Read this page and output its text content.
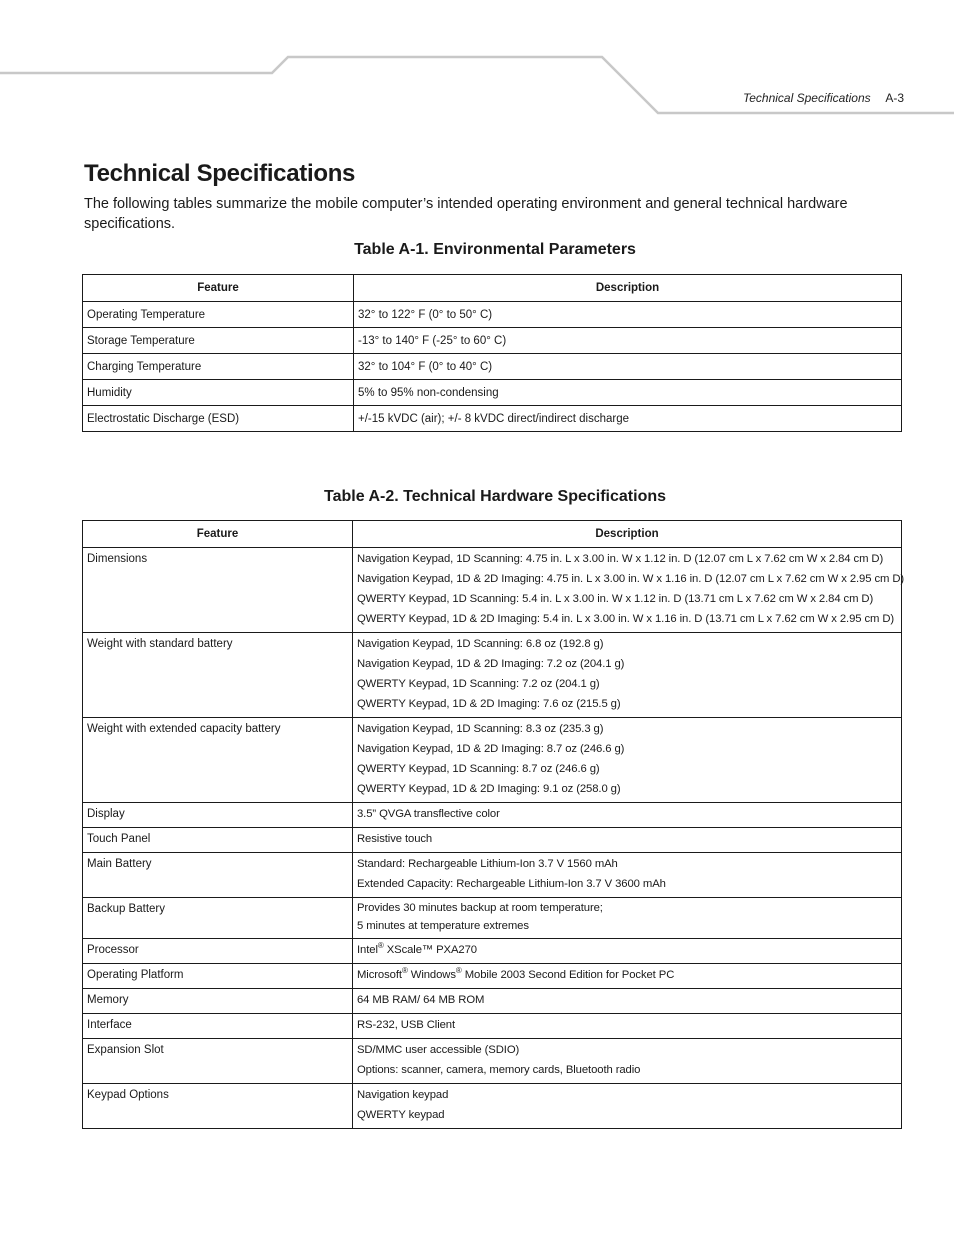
Technical Specifications A-3
Technical Specifications

The following tables summarize the mobile computer’s intended operating environment and general technical hardware specifications.

Table A-1. Environmental Parameters
Feature	Description
Operating Temperature	32° to 122° F (0° to 50° C)
Storage Temperature	-13° to 140° F (-25° to 60° C)
Charging Temperature	32° to 104° F (0° to 40° C)
Humidity	5% to 95% non-condensing
Electrostatic Discharge (ESD)	+/-15 kVDC (air); +/- 8 kVDC direct/indirect discharge
Table A-2. Technical Hardware Specifications
Feature	Description
Dimensions	Navigation Keypad, 1D Scanning: 4.75 in. L x 3.00 in. W x 1.12 in. D (12.07 cm L x 7.62 cm W x 2.84 cm D)
Navigation Keypad, 1D & 2D Imaging: 4.75 in. L x 3.00 in. W x 1.16 in. D (12.07 cm L x 7.62 cm W x 2.95 cm D)
QWERTY Keypad, 1D Scanning: 5.4 in. L x 3.00 in. W x 1.12 in. D (13.71 cm L x 7.62 cm W x 2.84 cm D)
QWERTY Keypad, 1D & 2D Imaging: 5.4 in. L x 3.00 in. W x 1.16 in. D (13.71 cm L x 7.62 cm W x 2.95 cm D)

Weight with standard battery	Navigation Keypad, 1D Scanning: 6.8 oz (192.8 g)
Navigation Keypad, 1D & 2D Imaging: 7.2 oz (204.1 g)
QWERTY Keypad, 1D Scanning: 7.2 oz (204.1 g)
QWERTY Keypad, 1D & 2D Imaging: 7.6 oz (215.5 g)

Weight with extended capacity battery	Navigation Keypad, 1D Scanning: 8.3 oz (235.3 g)
Navigation Keypad, 1D & 2D Imaging: 8.7 oz (246.6 g)
QWERTY Keypad, 1D Scanning: 8.7 oz (246.6 g)
QWERTY Keypad, 1D & 2D Imaging: 9.1 oz (258.0 g)

Display	3.5” QVGA transflective color

Touch Panel	Resistive touch

Main Battery	Standard: Rechargeable Lithium-Ion 3.7 V 1560 mAh
Extended Capacity: Rechargeable Lithium-Ion 3.7 V 3600 mAh

Backup Battery	Provides 30 minutes backup at room temperature;
5 minutes at temperature extremes

Processor	Intel® XScale™ PXA270

Operating Platform	Microsoft® Windows® Mobile 2003 Second Edition for Pocket PC

Memory	64 MB RAM/ 64 MB ROM

Interface	RS-232, USB Client

Expansion Slot	SD/MMC user accessible (SDIO)
Options: scanner, camera, memory cards, Bluetooth radio

Keypad Options	Navigation keypad
QWERTY keypad
